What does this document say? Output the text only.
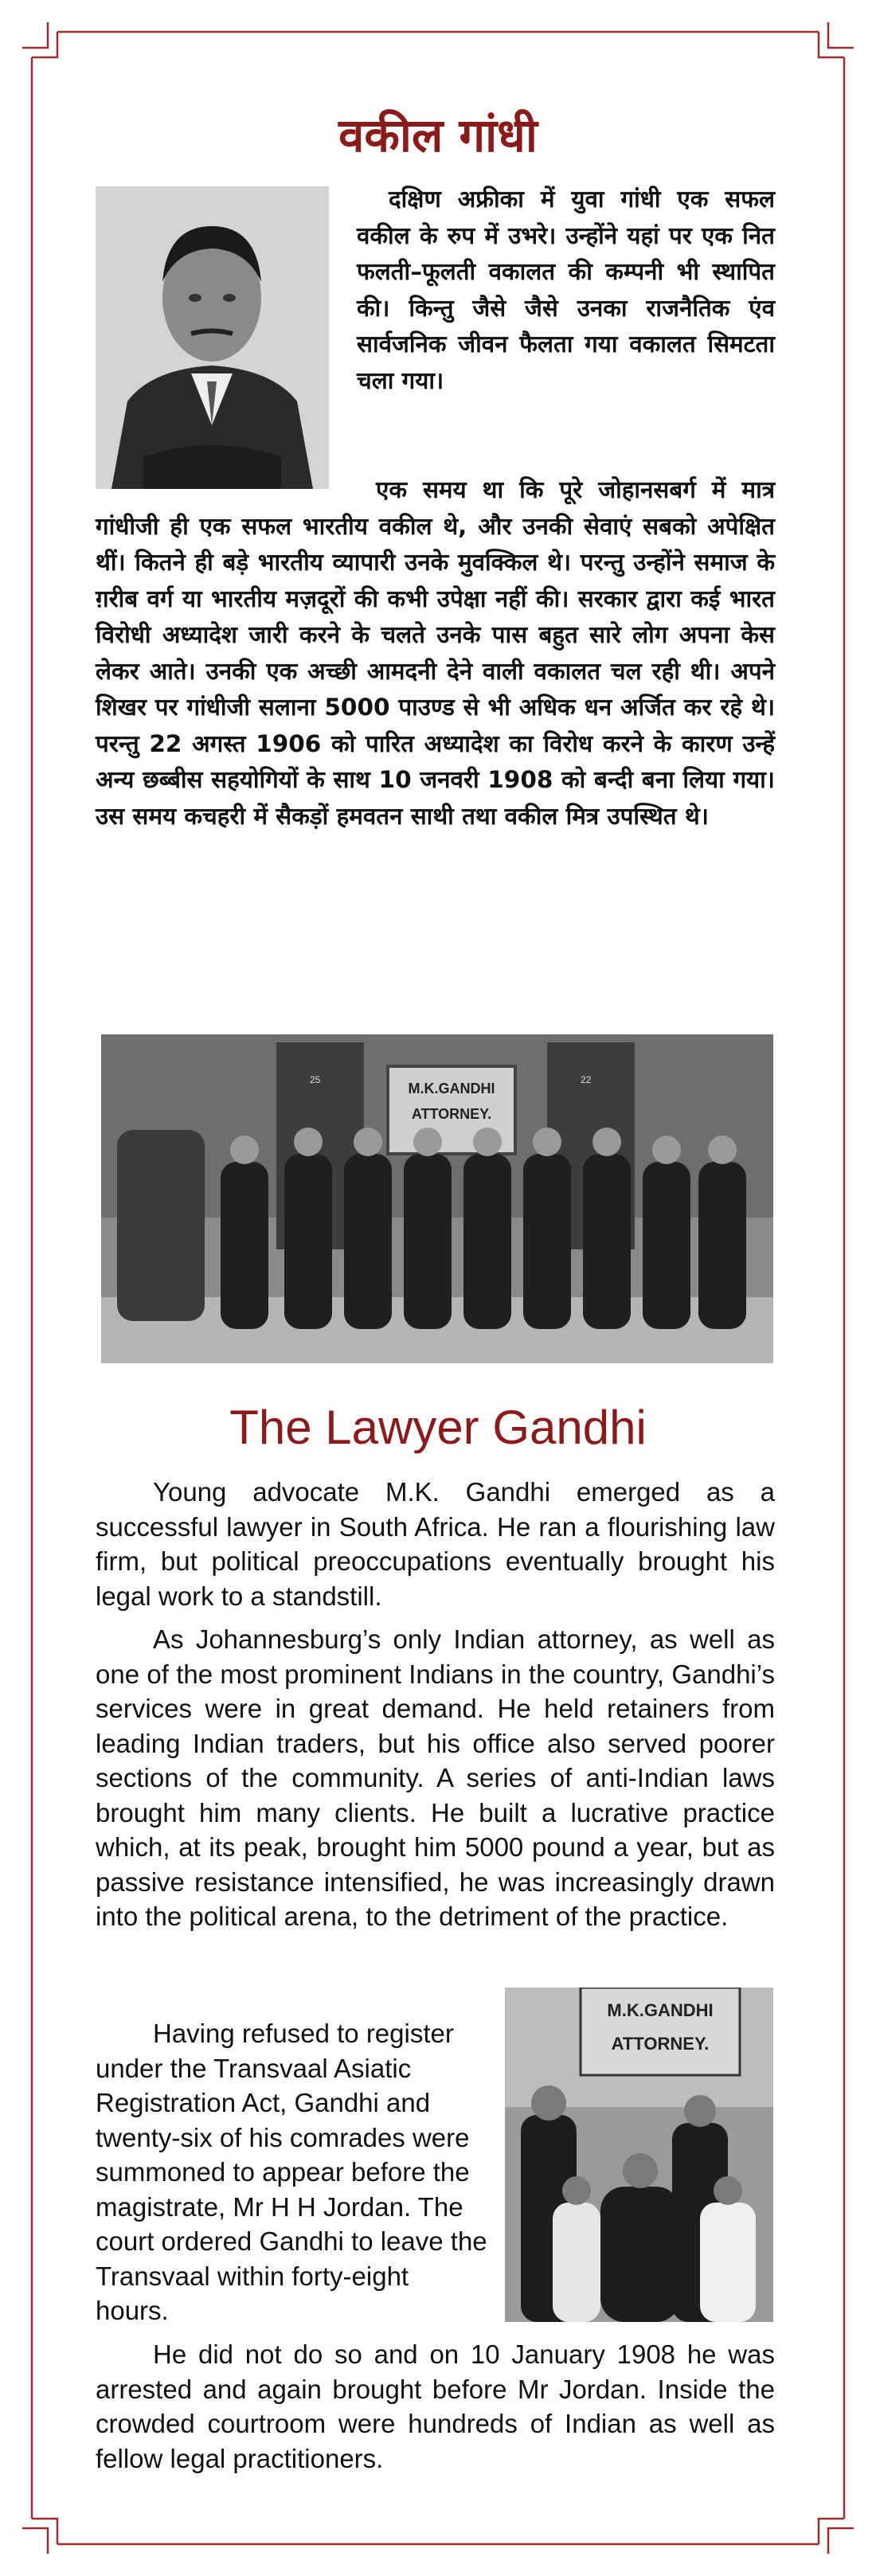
वकील गांधी

दक्षिण अफ्रीका में युवा गांधी एक सफल वकील के रुप में उभरे। उन्होंने यहां पर एक नित फलती–फूलती वकालत की कम्पनी भी स्थापित की। किन्तु जैसे जैसे उनका राजनैतिक एंव सार्वजनिक जीवन फैलता गया वकालत सिमटता चला गया।

एक समय था कि पूरे जोहानसबर्ग में मात्र गांधीजी ही एक सफल भारतीय वकील थे, और उनकी सेवाएं सबको अपेक्षित थीं। कितने ही बड़े भारतीय व्यापारी उनके मुवक्किल थे। परन्तु उन्होंने समाज के ग़रीब वर्ग या भारतीय मज़दूरों की कभी उपेक्षा नहीं की। सरकार द्वारा कई भारत विरोधी अध्यादेश जारी करने के चलते उनके पास बहुत सारे लोग अपना केस लेकर आते। उनकी एक अच्छी आमदनी देने वाली वकालत चल रही थी। अपने शिखर पर गांधीजी सलाना 5000 पाउण्ड से भी अधिक धन अर्जित कर रहे थे। परन्तु 22 अगस्त 1906 को पारित अध्यादेश का विरोध करने के कारण उन्हें अन्य छब्बीस सहयोगियों के साथ 10 जनवरी 1908 को बन्दी बना लिया गया। उस समय कचहरी में सैकड़ों हमवतन साथी तथा वकील मित्र उपस्थित थे।

25	22
M.K.GANDHI
ATTORNEY.
The Lawyer Gandhi

Young advocate M.K. Gandhi emerged as a successful lawyer in South Africa. He ran a flourishing law firm, but political preoccupations eventually brought his legal work to a standstill.

As Johannesburg’s only Indian attorney, as well as one of the most prominent Indians in the country, Gandhi’s services were in great demand. He held retainers from leading Indian traders, but his office also served poorer sections of the community. A series of anti-Indian laws brought him many clients. He built a lucrative practice which, at its peak, brought him 5000 pound a year, but as passive resistance intensified, he was increasingly drawn into the political arena, to the detriment of the practice.

Having refused to register under the Transvaal Asiatic Registration Act, Gandhi and twenty-six of his comrades were summoned to appear before the magistrate, Mr H H Jordan. The court ordered Gandhi to leave the Transvaal within forty-eight hours.

M.K.GANDHI
ATTORNEY.

He did not do so and on 10 January 1908 he was arrested and again brought before Mr Jordan. Inside the crowded courtroom were hundreds of Indian as well as fellow legal practitioners.
